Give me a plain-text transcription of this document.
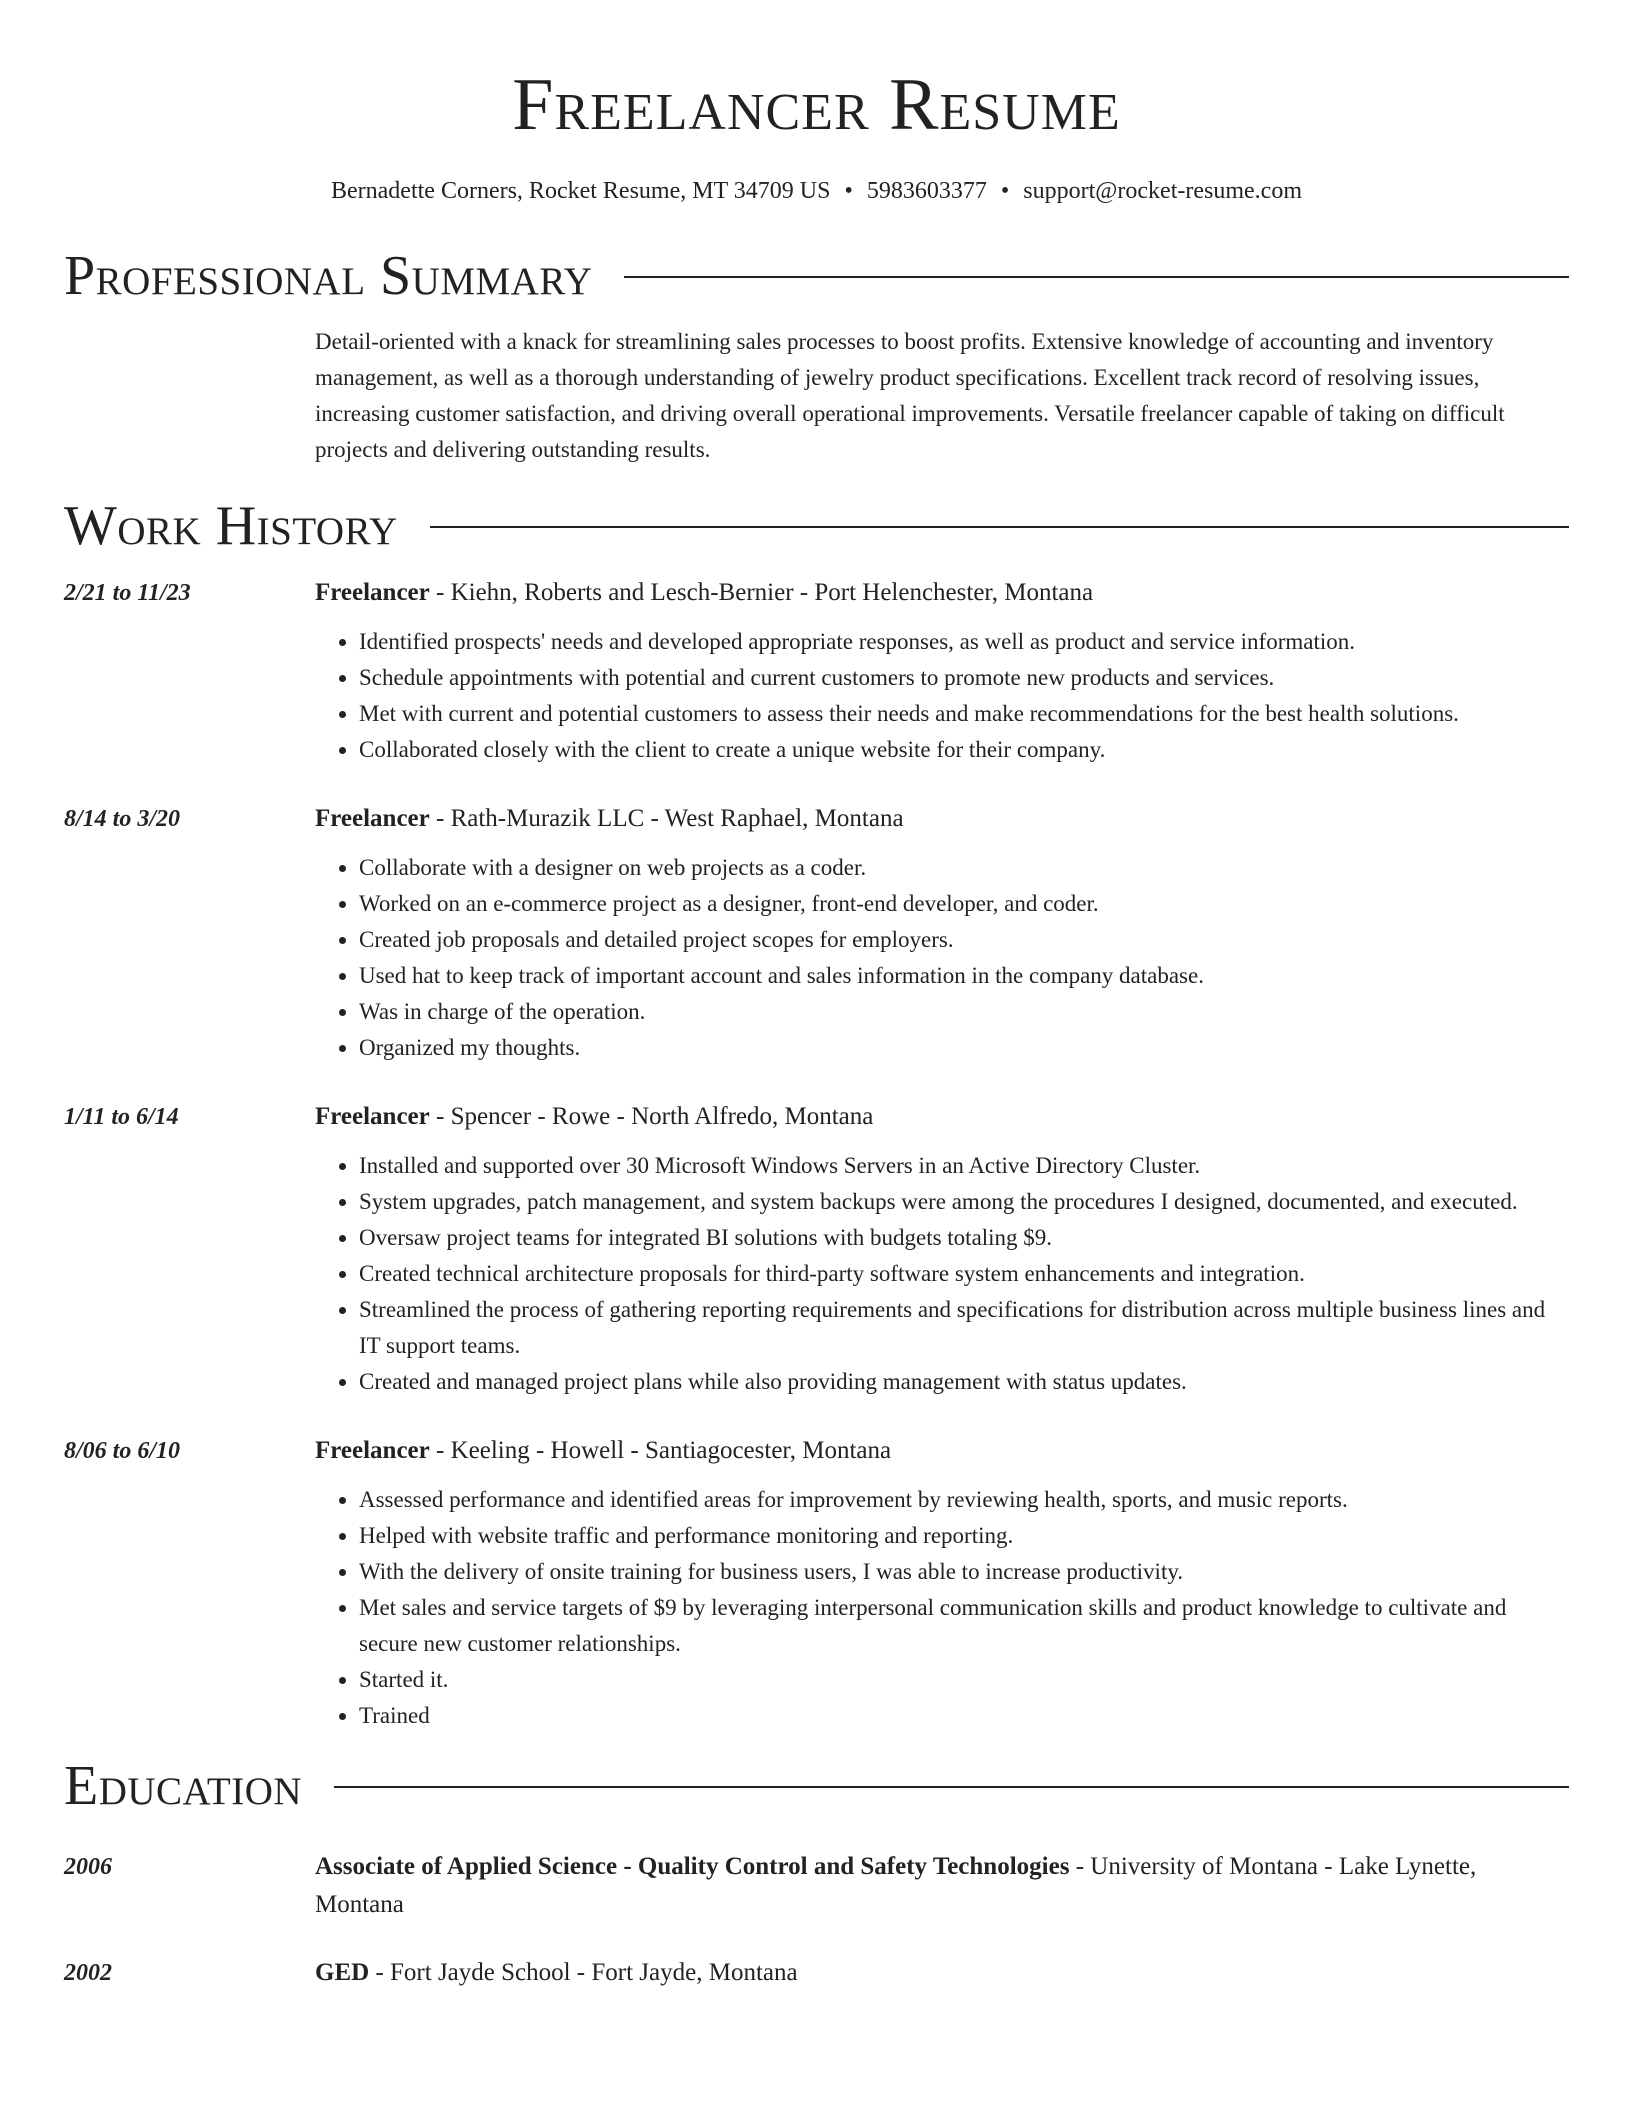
Freelancer Resume
Bernadette Corners, Rocket Resume, MT 34709 US • 5983603377 • support@rocket-resume.com
Professional Summary

Detail-oriented with a knack for streamlining sales processes to boost profits. Extensive knowledge of accounting and inventory management, as well as a thorough understanding of jewelry product specifications. Excellent track record of resolving issues, increasing customer satisfaction, and driving overall operational improvements. Versatile freelancer capable of taking on difficult projects and delivering outstanding results.

Work History
2/21 to 11/23	Freelancer - Kiehn, Roberts and Lesch-Bernier - Port Helenchester, Montana
• Identified prospects' needs and developed appropriate responses, as well as product and service information.
• Schedule appointments with potential and current customers to promote new products and services.
• Met with current and potential customers to assess their needs and make recommendations for the best health solutions.
• Collaborated closely with the client to create a unique website for their company.
8/14 to 3/20	Freelancer - Rath-Murazik LLC - West Raphael, Montana
• Collaborate with a designer on web projects as a coder.
• Worked on an e-commerce project as a designer, front-end developer, and coder.
• Created job proposals and detailed project scopes for employers.
• Used hat to keep track of important account and sales information in the company database.
• Was in charge of the operation.
• Organized my thoughts.
1/11 to 6/14	Freelancer - Spencer - Rowe - North Alfredo, Montana
• Installed and supported over 30 Microsoft Windows Servers in an Active Directory Cluster.
• System upgrades, patch management, and system backups were among the procedures I designed, documented, and executed.
• Oversaw project teams for integrated BI solutions with budgets totaling $9.
• Created technical architecture proposals for third-party software system enhancements and integration.
• Streamlined the process of gathering reporting requirements and specifications for distribution across multiple business lines and IT support teams.
• Created and managed project plans while also providing management with status updates.
8/06 to 6/10	Freelancer - Keeling - Howell - Santiagocester, Montana
• Assessed performance and identified areas for improvement by reviewing health, sports, and music reports.
• Helped with website traffic and performance monitoring and reporting.
• With the delivery of onsite training for business users, I was able to increase productivity.
• Met sales and service targets of $9 by leveraging interpersonal communication skills and product knowledge to cultivate and secure new customer relationships.
• Started it.
• Trained
Education
2006	Associate of Applied Science - Quality Control and Safety Technologies - University of Montana - Lake Lynette, Montana
2002	GED - Fort Jayde School - Fort Jayde, Montana
